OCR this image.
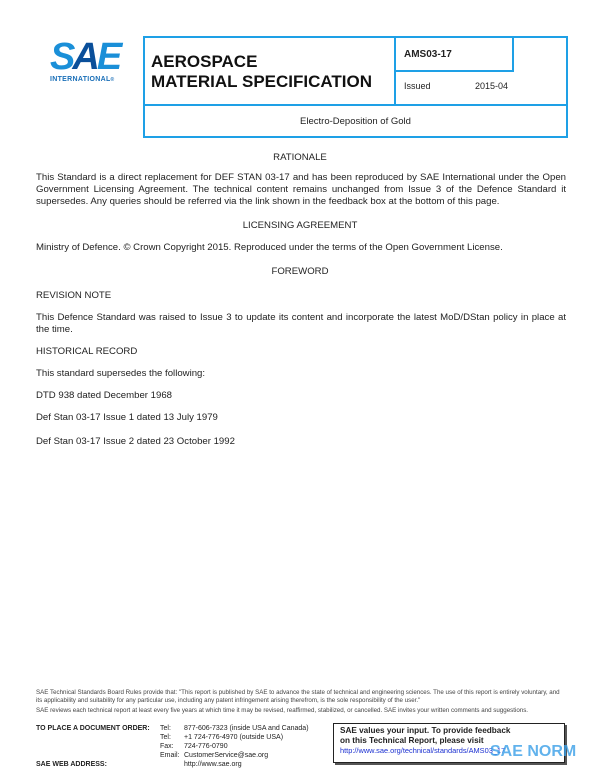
SAE
INTERNATIONAL®
AEROSPACE
MATERIAL SPECIFICATION
AMS03-17
Issued	2015-04
Electro-Deposition of Gold
RATIONALE
This Standard is a direct replacement for DEF STAN 03-17 and has been reproduced by SAE International under the Open Government Licensing Agreement. The technical content remains unchanged from Issue 3 of the Defence Standard it supersedes. Any queries should be referred via the link shown in the feedback box at the bottom of this page.
LICENSING AGREEMENT
Ministry of Defence. © Crown Copyright 2015. Reproduced under the terms of the Open Government License.
FOREWORD
REVISION NOTE
This Defence Standard was raised to Issue 3 to update its content and incorporate the latest MoD/DStan policy in place at the time.
HISTORICAL RECORD
This standard supersedes the following:
DTD 938 dated December 1968
Def Stan 03-17 Issue 1 dated 13 July 1979
Def Stan 03-17 Issue 2 dated 23 October 1992
SAE Technical Standards Board Rules provide that: "This report is published by SAE to advance the state of technical and engineering sciences. The use of this report is entirely voluntary, and its applicability and suitability for any particular use, including any patent infringement arising therefrom, is the sole responsibility of the user."
SAE reviews each technical report at least every five years at which time it may be revised, reaffirmed, stabilized, or cancelled. SAE invites your written comments and suggestions.
TO PLACE A DOCUMENT ORDER:
SAE WEB ADDRESS:
Tel: 877-606-7323 (inside USA and Canada)
Tel: +1 724-776-4970 (outside USA)
Fax: 724-776-0790
Email: CustomerService@sae.org
http://www.sae.org
SAE values your input. To provide feedback
on this Technical Report, please visit
http://www.sae.org/technical/standards/AMS03_17
SAE NORM
